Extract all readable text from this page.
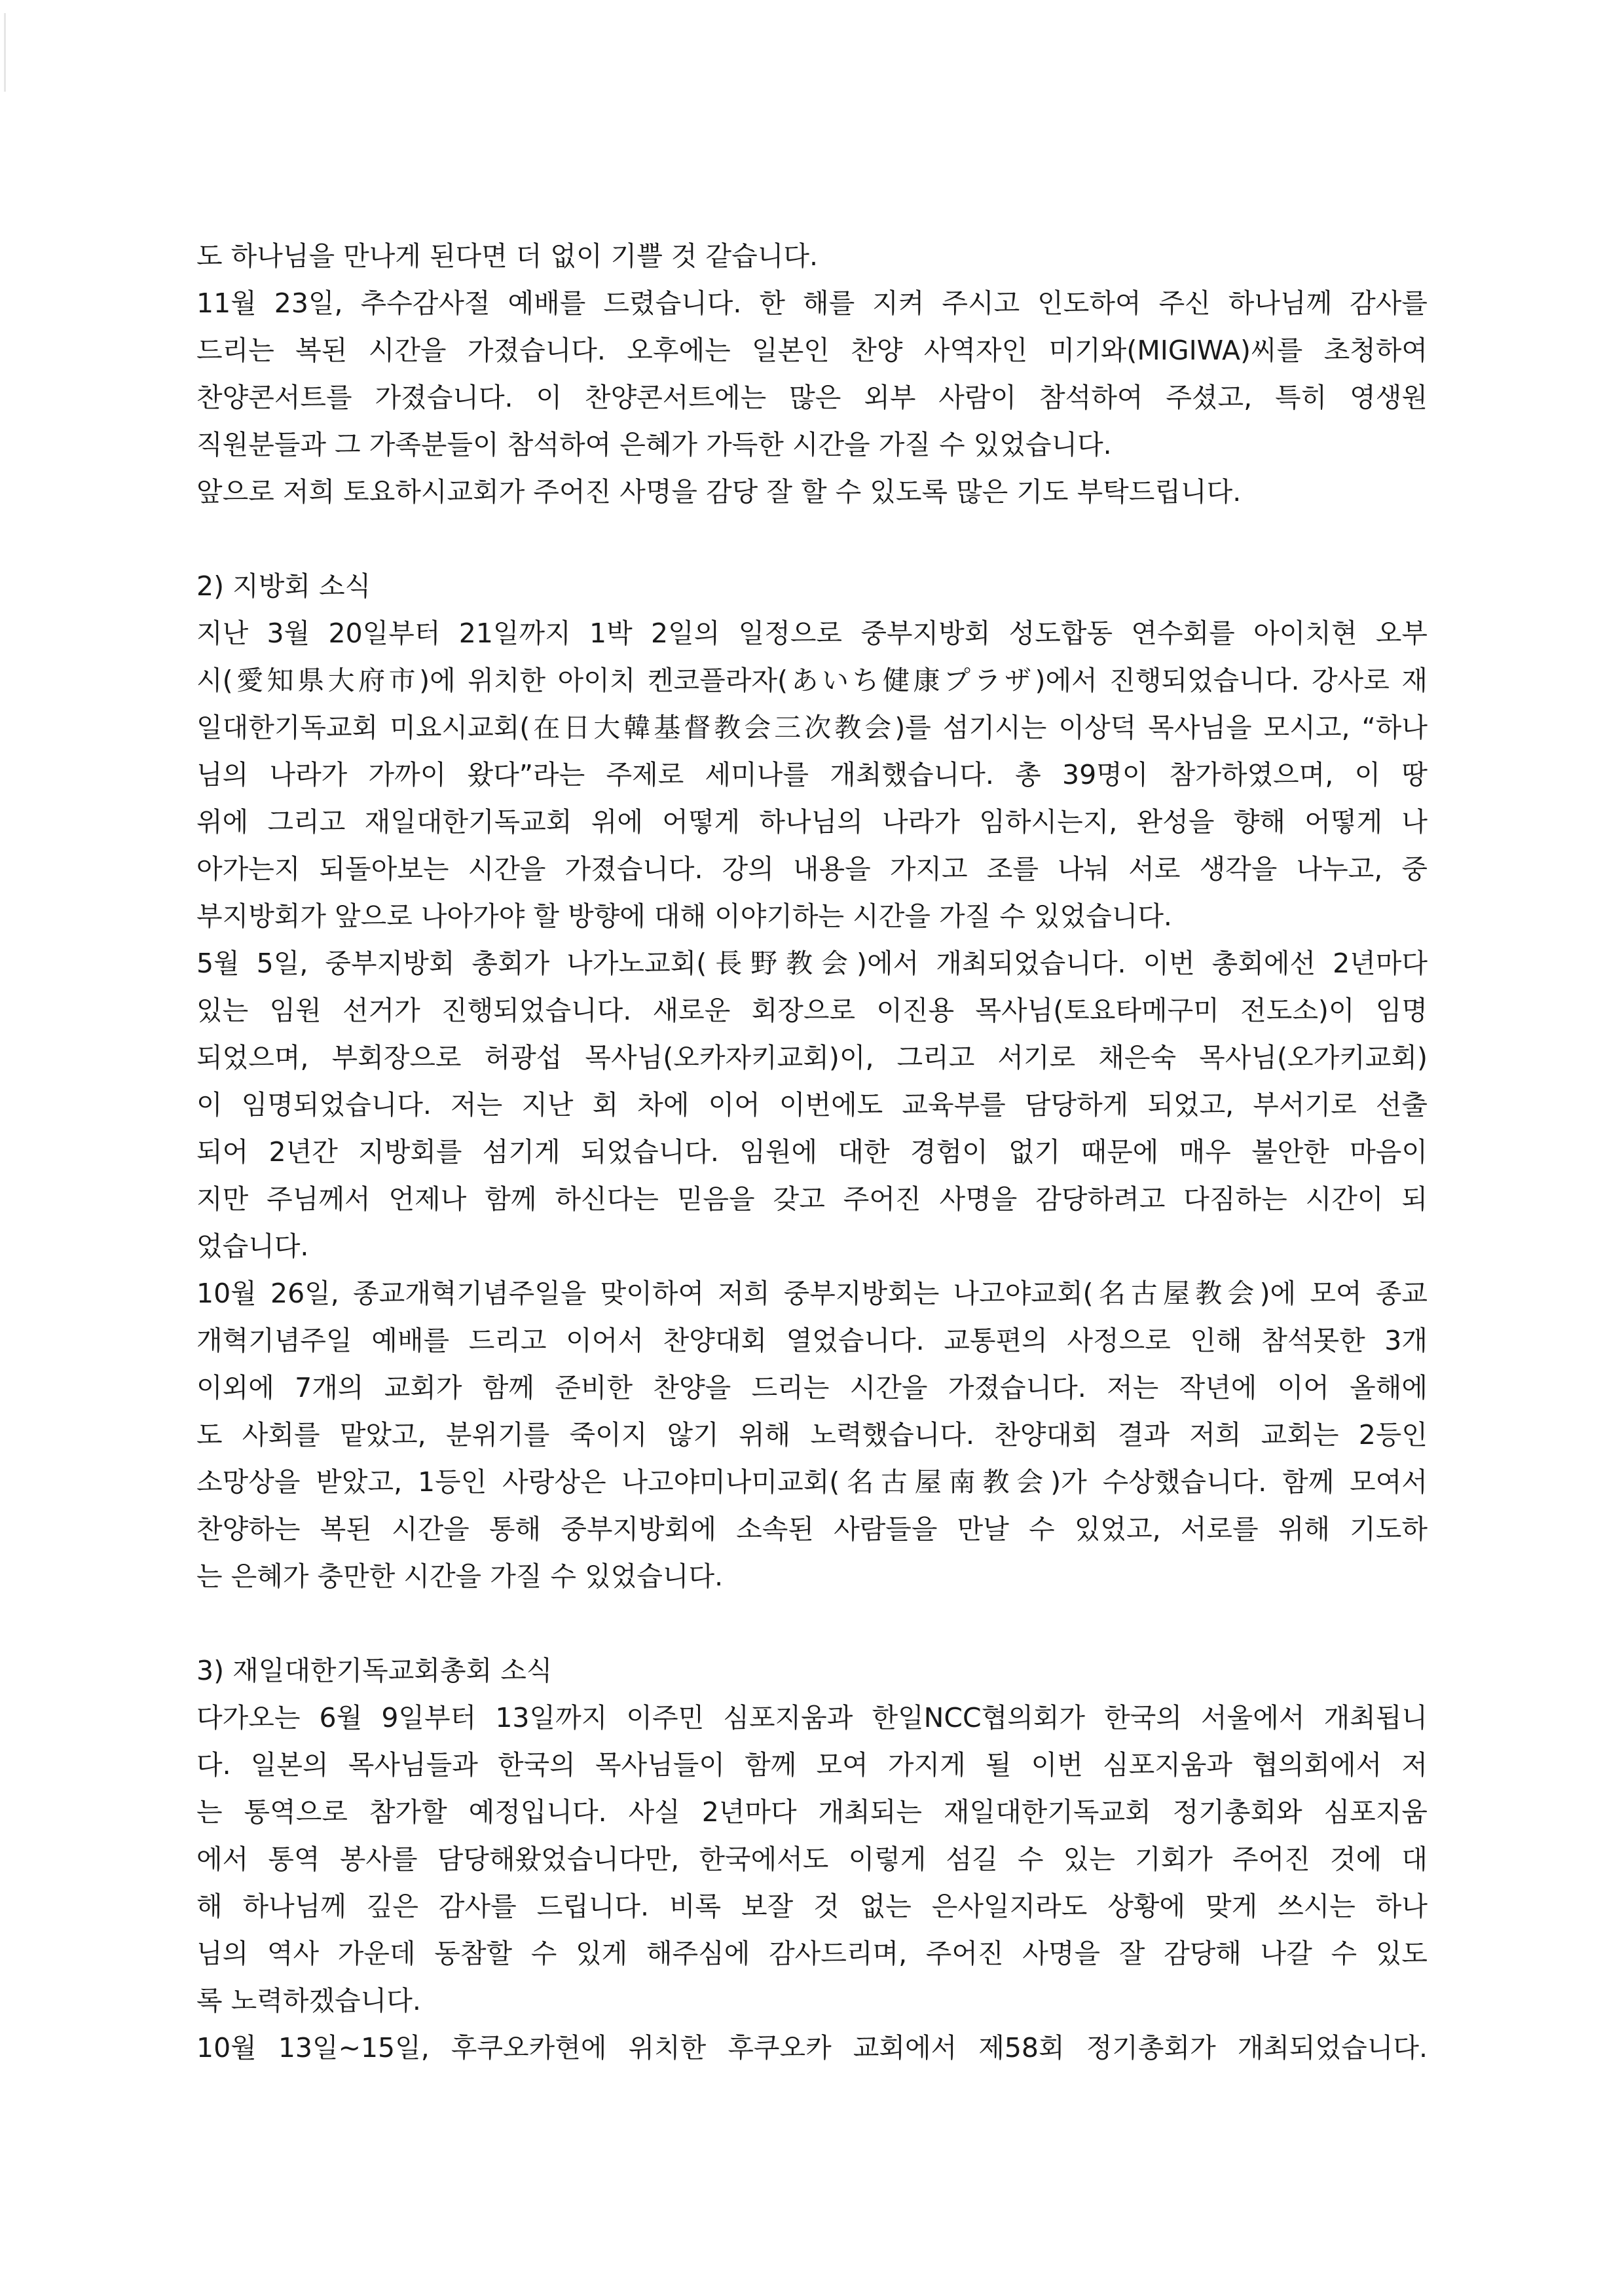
도 하나님을 만나게 된다면 더 없이 기쁠 것 같습니다.
11월 23일, 추수감사절 예배를 드렸습니다. 한 해를 지켜 주시고 인도하여 주신 하나님께 감사를
드리는 복된 시간을 가졌습니다. 오후에는 일본인 찬양 사역자인 미기와(MIGIWA)씨를 초청하여
찬양콘서트를 가졌습니다. 이 찬양콘서트에는 많은 외부 사람이 참석하여 주셨고, 특히 영생원
직원분들과 그 가족분들이 참석하여 은혜가 가득한 시간을 가질 수 있었습니다.
앞으로 저희 토요하시교회가 주어진 사명을 감당 잘 할 수 있도록 많은 기도 부탁드립니다.
2) 지방회 소식
지난 3월 20일부터 21일까지 1박 2일의 일정으로 중부지방회 성도합동 연수회를 아이치현 오부
시(愛知県大府市)에 위치한 아이치 켄코플라자(あいち健康プラザ)에서 진행되었습니다. 강사로 재
일대한기독교회 미요시교회(在日大韓基督教会三次教会)를 섬기시는 이상덕 목사님을 모시고, “하나
님의 나라가 가까이 왔다”라는 주제로 세미나를 개최했습니다. 총 39명이 참가하였으며, 이 땅
위에 그리고 재일대한기독교회 위에 어떻게 하나님의 나라가 임하시는지, 완성을 향해 어떻게 나
아가는지 되돌아보는 시간을 가졌습니다. 강의 내용을 가지고 조를 나눠 서로 생각을 나누고, 중
부지방회가 앞으로 나아가야 할 방향에 대해 이야기하는 시간을 가질 수 있었습니다.
5월 5일, 중부지방회 총회가 나가노교회(長野教会)에서 개최되었습니다. 이번 총회에선 2년마다
있는 임원 선거가 진행되었습니다. 새로운 회장으로 이진용 목사님(토요타메구미 전도소)이 임명
되었으며, 부회장으로 허광섭 목사님(오카자키교회)이, 그리고 서기로 채은숙 목사님(오가키교회)
이 임명되었습니다. 저는 지난 회 차에 이어 이번에도 교육부를 담당하게 되었고, 부서기로 선출
되어 2년간 지방회를 섬기게 되었습니다. 임원에 대한 경험이 없기 때문에 매우 불안한 마음이
지만 주님께서 언제나 함께 하신다는 믿음을 갖고 주어진 사명을 감당하려고 다짐하는 시간이 되
었습니다.
10월 26일, 종교개혁기념주일을 맞이하여 저희 중부지방회는 나고야교회(名古屋教会)에 모여 종교
개혁기념주일 예배를 드리고 이어서 찬양대회 열었습니다. 교통편의 사정으로 인해 참석못한 3개
이외에 7개의 교회가 함께 준비한 찬양을 드리는 시간을 가졌습니다. 저는 작년에 이어 올해에
도 사회를 맡았고, 분위기를 죽이지 않기 위해 노력했습니다. 찬양대회 결과 저희 교회는 2등인
소망상을 받았고, 1등인 사랑상은 나고야미나미교회(名古屋南教会)가 수상했습니다. 함께 모여서
찬양하는 복된 시간을 통해 중부지방회에 소속된 사람들을 만날 수 있었고, 서로를 위해 기도하
는 은혜가 충만한 시간을 가질 수 있었습니다.
3) 재일대한기독교회총회 소식
다가오는 6월 9일부터 13일까지 이주민 심포지움과 한일NCC협의회가 한국의 서울에서 개최됩니
다. 일본의 목사님들과 한국의 목사님들이 함께 모여 가지게 될 이번 심포지움과 협의회에서 저
는 통역으로 참가할 예정입니다. 사실 2년마다 개최되는 재일대한기독교회 정기총회와 심포지움
에서 통역 봉사를 담당해왔었습니다만, 한국에서도 이렇게 섬길 수 있는 기회가 주어진 것에 대
해 하나님께 깊은 감사를 드립니다. 비록 보잘 것 없는 은사일지라도 상황에 맞게 쓰시는 하나
님의 역사 가운데 동참할 수 있게 해주심에 감사드리며, 주어진 사명을 잘 감당해 나갈 수 있도
록 노력하겠습니다.
10월 13일~15일, 후쿠오카현에 위치한 후쿠오카 교회에서 제58회 정기총회가 개최되었습니다.
